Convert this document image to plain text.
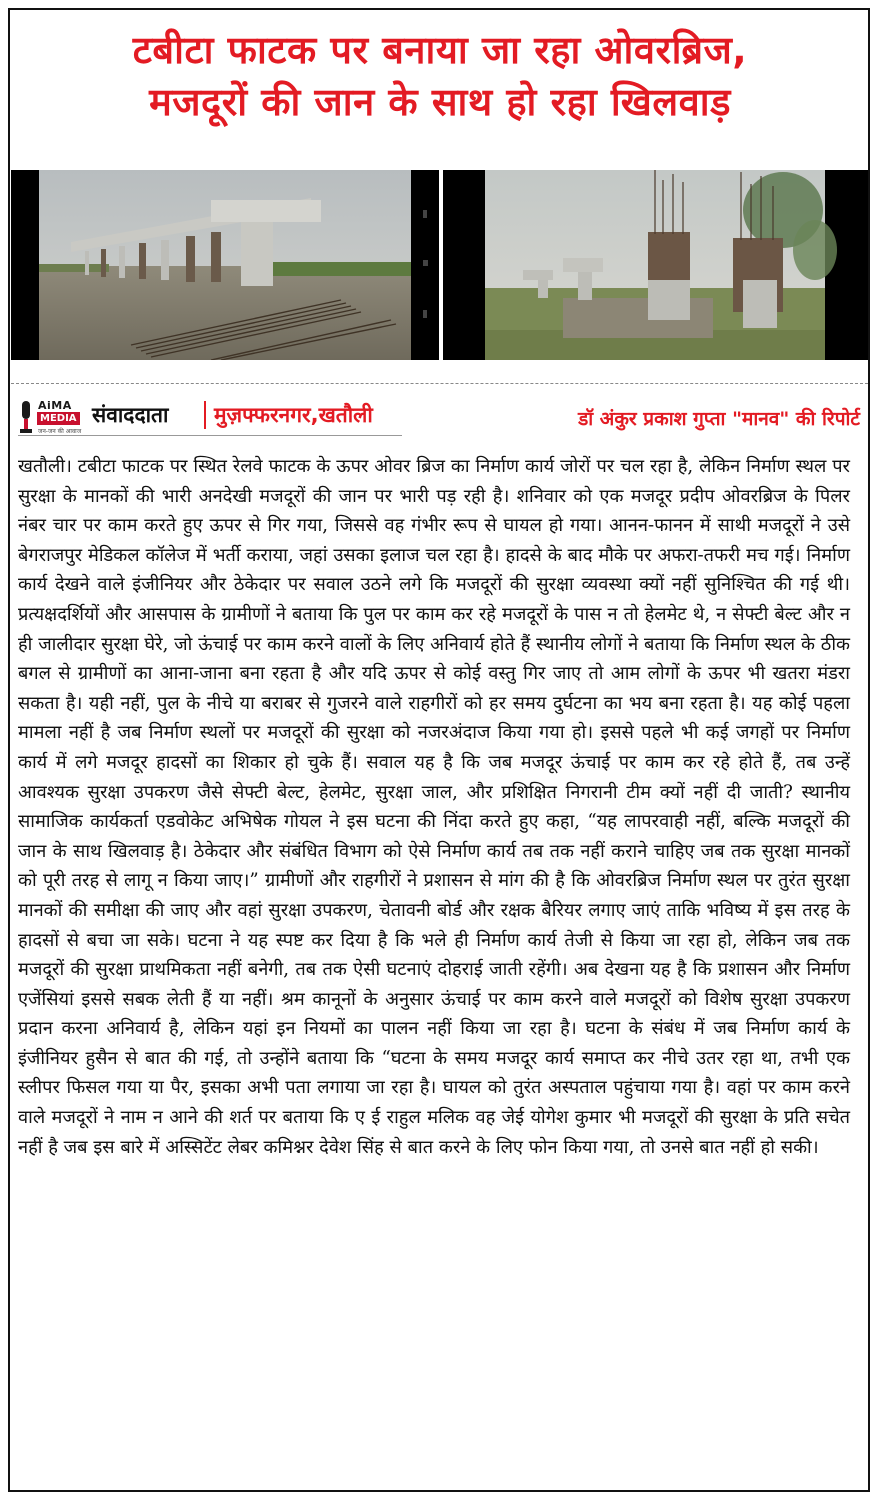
टबीटा फाटक पर बनाया जा रहा ओवरब्रिज,
मजदूरों की जान के साथ हो रहा खिलवाड़
AiMA
MEDIA
जन-जन की आवाज
संवाददाता	मुज़फ्फरनगर,खतौली	डॉ अंकुर प्रकाश गुप्ता "मानव" की रिपोर्ट

खतौली। टबीटा फाटक पर स्थित रेलवे फाटक के ऊपर ओवर ब्रिज का निर्माण कार्य जोरों पर चल रहा है, लेकिन निर्माण स्थल पर सुरक्षा के मानकों की भारी अनदेखी मजदूरों की जान पर भारी पड़ रही है। शनिवार को एक मजदूर प्रदीप ओवरब्रिज के पिलर नंबर चार पर काम करते हुए ऊपर से गिर गया, जिससे वह गंभीर रूप से घायल हो गया। आनन-फानन में साथी मजदूरों ने उसे बेगराजपुर मेडिकल कॉलेज में भर्ती कराया, जहां उसका इलाज चल रहा है। हादसे के बाद मौके पर अफरा-तफरी मच गई। निर्माण कार्य देखने वाले इंजीनियर और ठेकेदार पर सवाल उठने लगे कि मजदूरों की सुरक्षा व्यवस्था क्यों नहीं सुनिश्चित की गई थी। प्रत्यक्षदर्शियों और आसपास के ग्रामीणों ने बताया कि पुल पर काम कर रहे मजदूरों के पास न तो हेलमेट थे, न सेफ्टी बेल्ट और न ही जालीदार सुरक्षा घेरे, जो ऊंचाई पर काम करने वालों के लिए अनिवार्य होते हैं स्थानीय लोगों ने बताया कि निर्माण स्थल के ठीक बगल से ग्रामीणों का आना-जाना बना रहता है और यदि ऊपर से कोई वस्तु गिर जाए तो आम लोगों के ऊपर भी खतरा मंडरा सकता है। यही नहीं, पुल के नीचे या बराबर से गुजरने वाले राहगीरों को हर समय दुर्घटना का भय बना रहता है। यह कोई पहला मामला नहीं है जब निर्माण स्थलों पर मजदूरों की सुरक्षा को नजरअंदाज किया गया हो। इससे पहले भी कई जगहों पर निर्माण कार्य में लगे मजदूर हादसों का शिकार हो चुके हैं। सवाल यह है कि जब मजदूर ऊंचाई पर काम कर रहे होते हैं, तब उन्हें आवश्यक सुरक्षा उपकरण जैसे सेफ्टी बेल्ट, हेलमेट, सुरक्षा जाल, और प्रशिक्षित निगरानी टीम क्यों नहीं दी जाती? स्थानीय सामाजिक कार्यकर्ता एडवोकेट अभिषेक गोयल ने इस घटना की निंदा करते हुए कहा, “यह लापरवाही नहीं, बल्कि मजदूरों की जान के साथ खिलवाड़ है। ठेकेदार और संबंधित विभाग को ऐसे निर्माण कार्य तब तक नहीं कराने चाहिए जब तक सुरक्षा मानकों को पूरी तरह से लागू न किया जाए।” ग्रामीणों और राहगीरों ने प्रशासन से मांग की है कि ओवरब्रिज निर्माण स्थल पर तुरंत सुरक्षा मानकों की समीक्षा की जाए और वहां सुरक्षा उपकरण, चेतावनी बोर्ड और रक्षक बैरियर लगाए जाएं ताकि भविष्य में इस तरह के हादसों से बचा जा सके। घटना ने यह स्पष्ट कर दिया है कि भले ही निर्माण कार्य तेजी से किया जा रहा हो, लेकिन जब तक मजदूरों की सुरक्षा प्राथमिकता नहीं बनेगी, तब तक ऐसी घटनाएं दोहराई जाती रहेंगी। अब देखना यह है कि प्रशासन और निर्माण एजेंसियां इससे सबक लेती हैं या नहीं। श्रम कानूनों के अनुसार ऊंचाई पर काम करने वाले मजदूरों को विशेष सुरक्षा उपकरण प्रदान करना अनिवार्य है, लेकिन यहां इन नियमों का पालन नहीं किया जा रहा है। घटना के संबंध में जब निर्माण कार्य के इंजीनियर हुसैन से बात की गई, तो उन्होंने बताया कि “घटना के समय मजदूर कार्य समाप्त कर नीचे उतर रहा था, तभी एक स्लीपर फिसल गया या पैर, इसका अभी पता लगाया जा रहा है। घायल को तुरंत अस्पताल पहुंचाया गया है। वहां पर काम करने वाले मजदूरों ने नाम न आने की शर्त पर बताया कि ए ई राहुल मलिक वह जेई योगेश कुमार भी मजदूरों की सुरक्षा के प्रति सचेत नहीं है जब इस बारे में अस्सिटेंट लेबर कमिश्नर देवेश सिंह से बात करने के लिए फोन किया गया, तो उनसे बात नहीं हो सकी।
